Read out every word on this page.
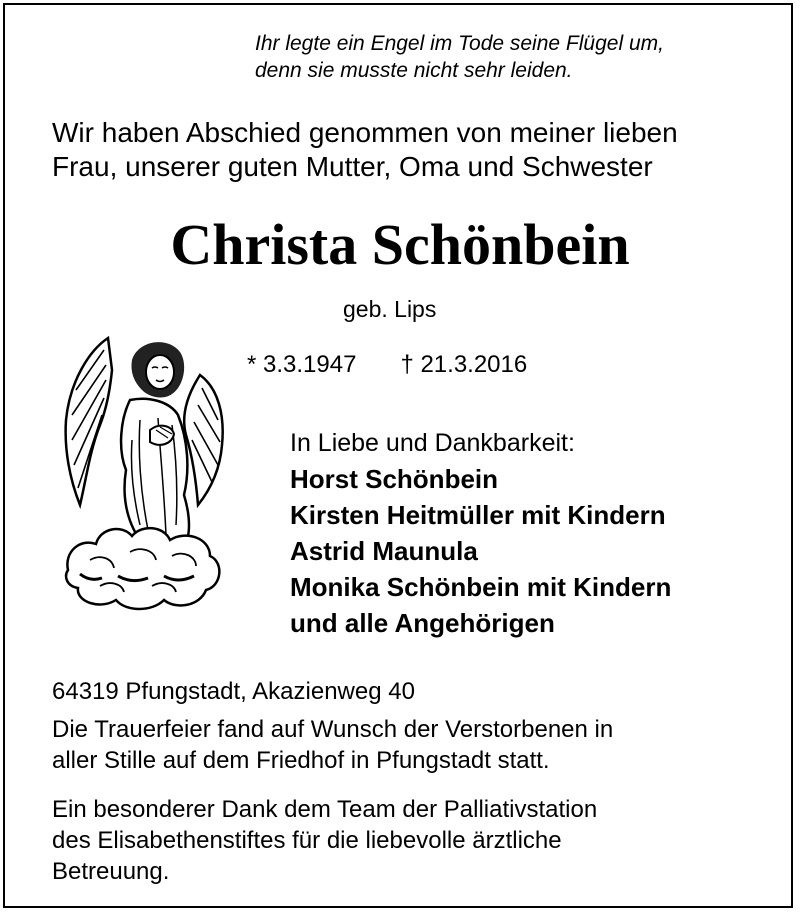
Ihr legte ein Engel im Tode seine Flügel um,
denn sie musste nicht sehr leiden.
Wir haben Abschied genommen von meiner lieben
Frau, unserer guten Mutter, Oma und Schwester
Christa Schönbein
geb. Lips
* 3.3.1947 † 21.3.2016
In Liebe und Dankbarkeit:
Horst Schönbein
Kirsten Heitmüller mit Kindern
Astrid Maunula
Monika Schönbein mit Kindern
und alle Angehörigen
64319 Pfungstadt, Akazienweg 40
Die Trauerfeier fand auf Wunsch der Verstorbenen in
aller Stille auf dem Friedhof in Pfungstadt statt.
Ein besonderer Dank dem Team der Palliativstation
des Elisabethenstiftes für die liebevolle ärztliche
Betreuung.
